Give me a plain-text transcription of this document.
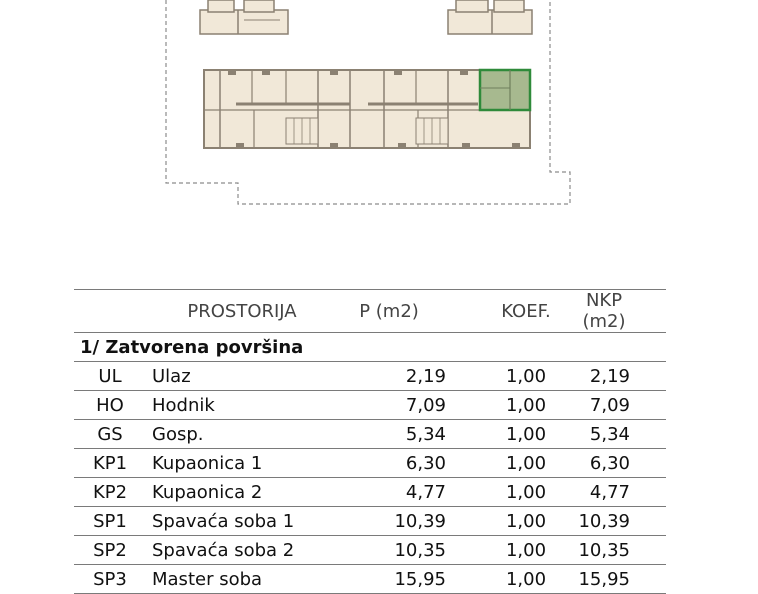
	PROSTORIJA	P (m2)	KOEF.	NKP (m2)
1/ Zatvorena površina				
UL	Ulaz	2,19	1,00	2,19
HO	Hodnik	7,09	1,00	7,09
GS	Gosp.	5,34	1,00	5,34
KP1	Kupaonica 1	6,30	1,00	6,30
KP2	Kupaonica 2	4,77	1,00	4,77
SP1	Spavaća soba 1	10,39	1,00	10,39
SP2	Spavaća soba 2	10,35	1,00	10,35
SP3	Master soba	15,95	1,00	15,95
